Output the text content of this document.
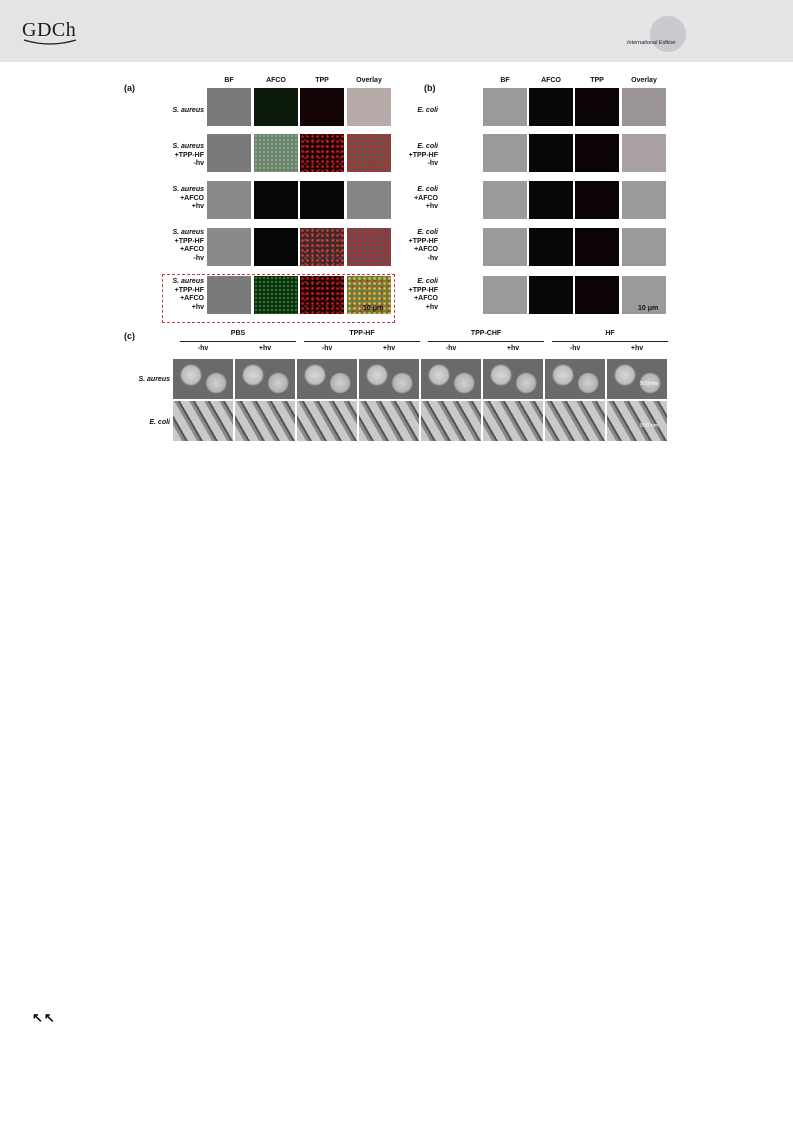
GDCh
International Edition
(a)
BF	AFCO	TPP	Overlay
S. aureus
S. aureus
+TPP-HF
-hv
S. aureus
+AFCO
+hv
S. aureus
+TPP-HF
+AFCO
-hv
S. aureus
+TPP-HF
+AFCO
+hv	10 μm
(b)
BF	AFCO	TPP	Overlay
E. coli
E. coli
+TPP-HF
-hv
E. coli
+AFCO
+hv
E. coli
+TPP-HF
+AFCO
-hv
E. coli
+TPP-HF
+AFCO
+hv	10 μm
(c)	PBS	TPP-HF	TPP-CHF	HF
-hv	+hv	-hv	+hv	-hv	+hv	-hv	+hv
S. aureus
E. coli
500 nm
500 nm
↖↖
